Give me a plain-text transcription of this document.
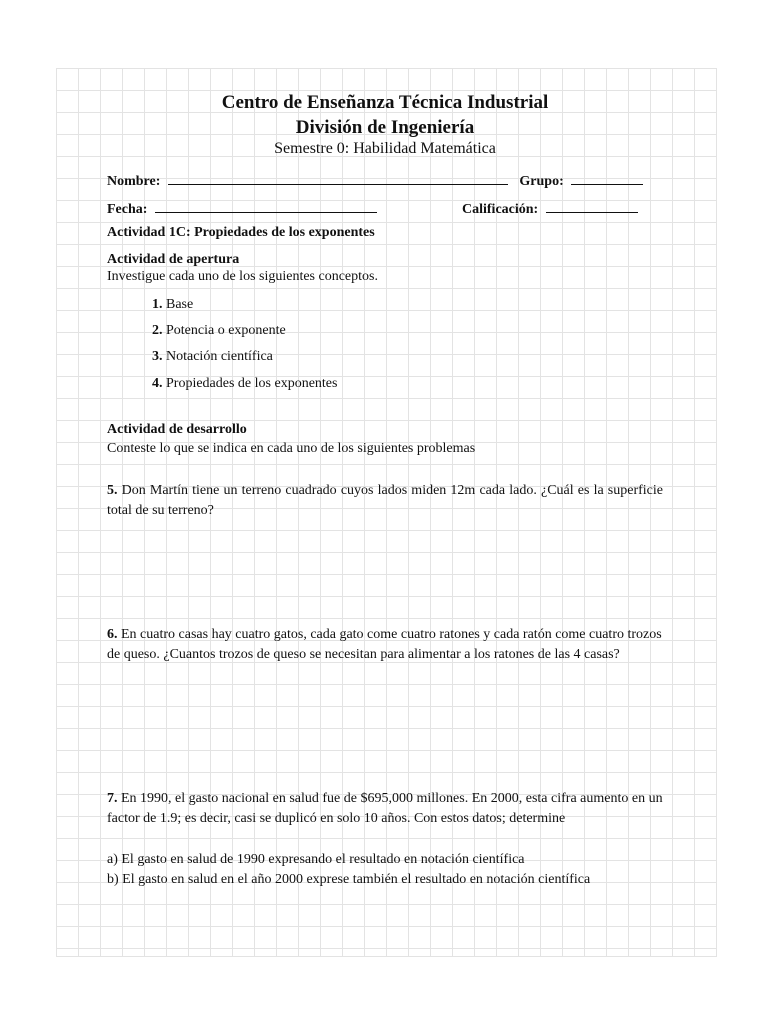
Centro de Enseñanza Técnica Industrial
División de Ingeniería
Semestre 0: Habilidad Matemática
Nombre:	Grupo:
Fecha:	Calificación:
Actividad 1C: Propiedades de los exponentes
Actividad de apertura
Investigue cada uno de los siguientes conceptos.
1. Base
2. Potencia o exponente
3. Notación científica
4. Propiedades de los exponentes
Actividad de desarrollo
Conteste lo que se indica en cada uno de los siguientes problemas
5. Don Martín tiene un terreno cuadrado cuyos lados miden 12m cada lado. ¿Cuál es la superficie total de su terreno?
6. En cuatro casas hay cuatro gatos, cada gato come cuatro ratones y cada ratón come cuatro trozos de queso. ¿Cuantos trozos de queso se necesitan para alimentar a los ratones de las 4 casas?
7. En 1990, el gasto nacional en salud fue de $695,000 millones. En 2000, esta cifra aumento en un factor de 1.9; es decir, casi se duplicó en solo 10 años. Con estos datos; determine
a) El gasto en salud de 1990 expresando el resultado en notación científica
b) El gasto en salud en el año 2000 exprese también el resultado en notación científica
